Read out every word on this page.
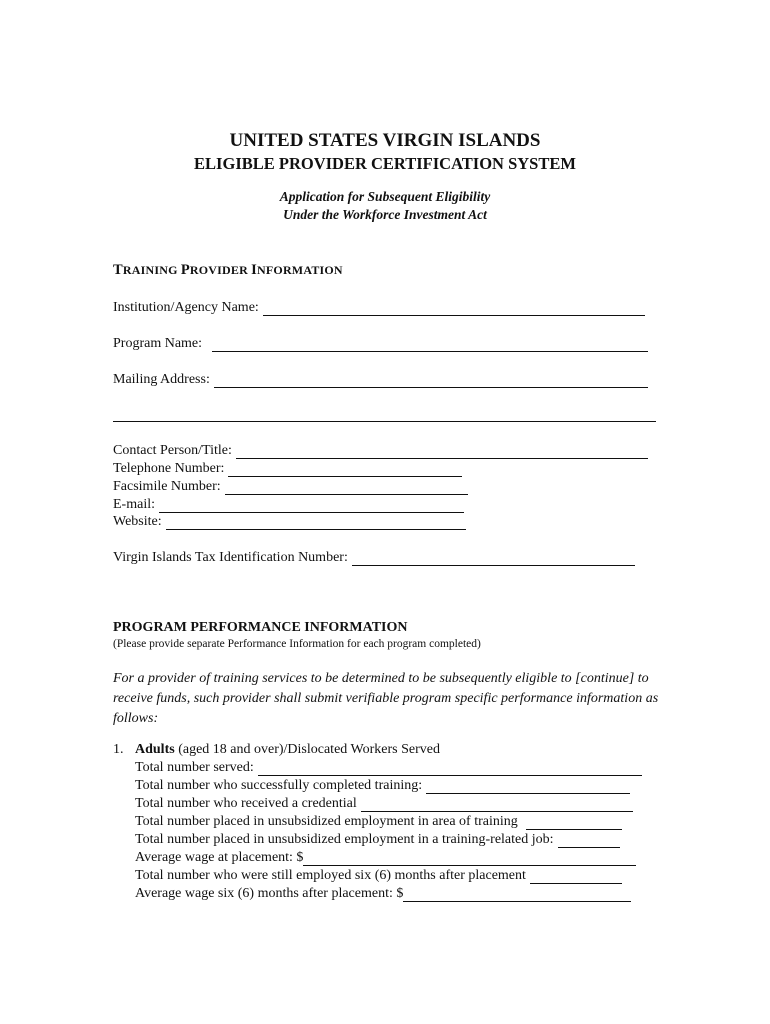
UNITED STATES VIRGIN ISLANDS
ELIGIBLE PROVIDER CERTIFICATION SYSTEM
Application for Subsequent Eligibility
Under the Workforce Investment Act
TRAINING PROVIDER INFORMATION
Institution/Agency Name:
Program Name:
Mailing Address:
Contact Person/Title:
Telephone Number:
Facsimile Number:
E-mail:
Website:
Virgin Islands Tax Identification Number:
PROGRAM PERFORMANCE INFORMATION
(Please provide separate Performance Information for each program completed)
For a provider of training services to be determined to be subsequently eligible to [continue] to receive funds, such provider shall submit verifiable program specific performance information as follows:
1. Adults (aged 18 and over)/Dislocated Workers Served
Total number served:
Total number who successfully completed training:
Total number who received a credential
Total number placed in unsubsidized employment in area of training
Total number placed in unsubsidized employment in a training-related job:
Average wage at placement: $
Total number who were still employed six (6) months after placement
Average wage six (6) months after placement: $
